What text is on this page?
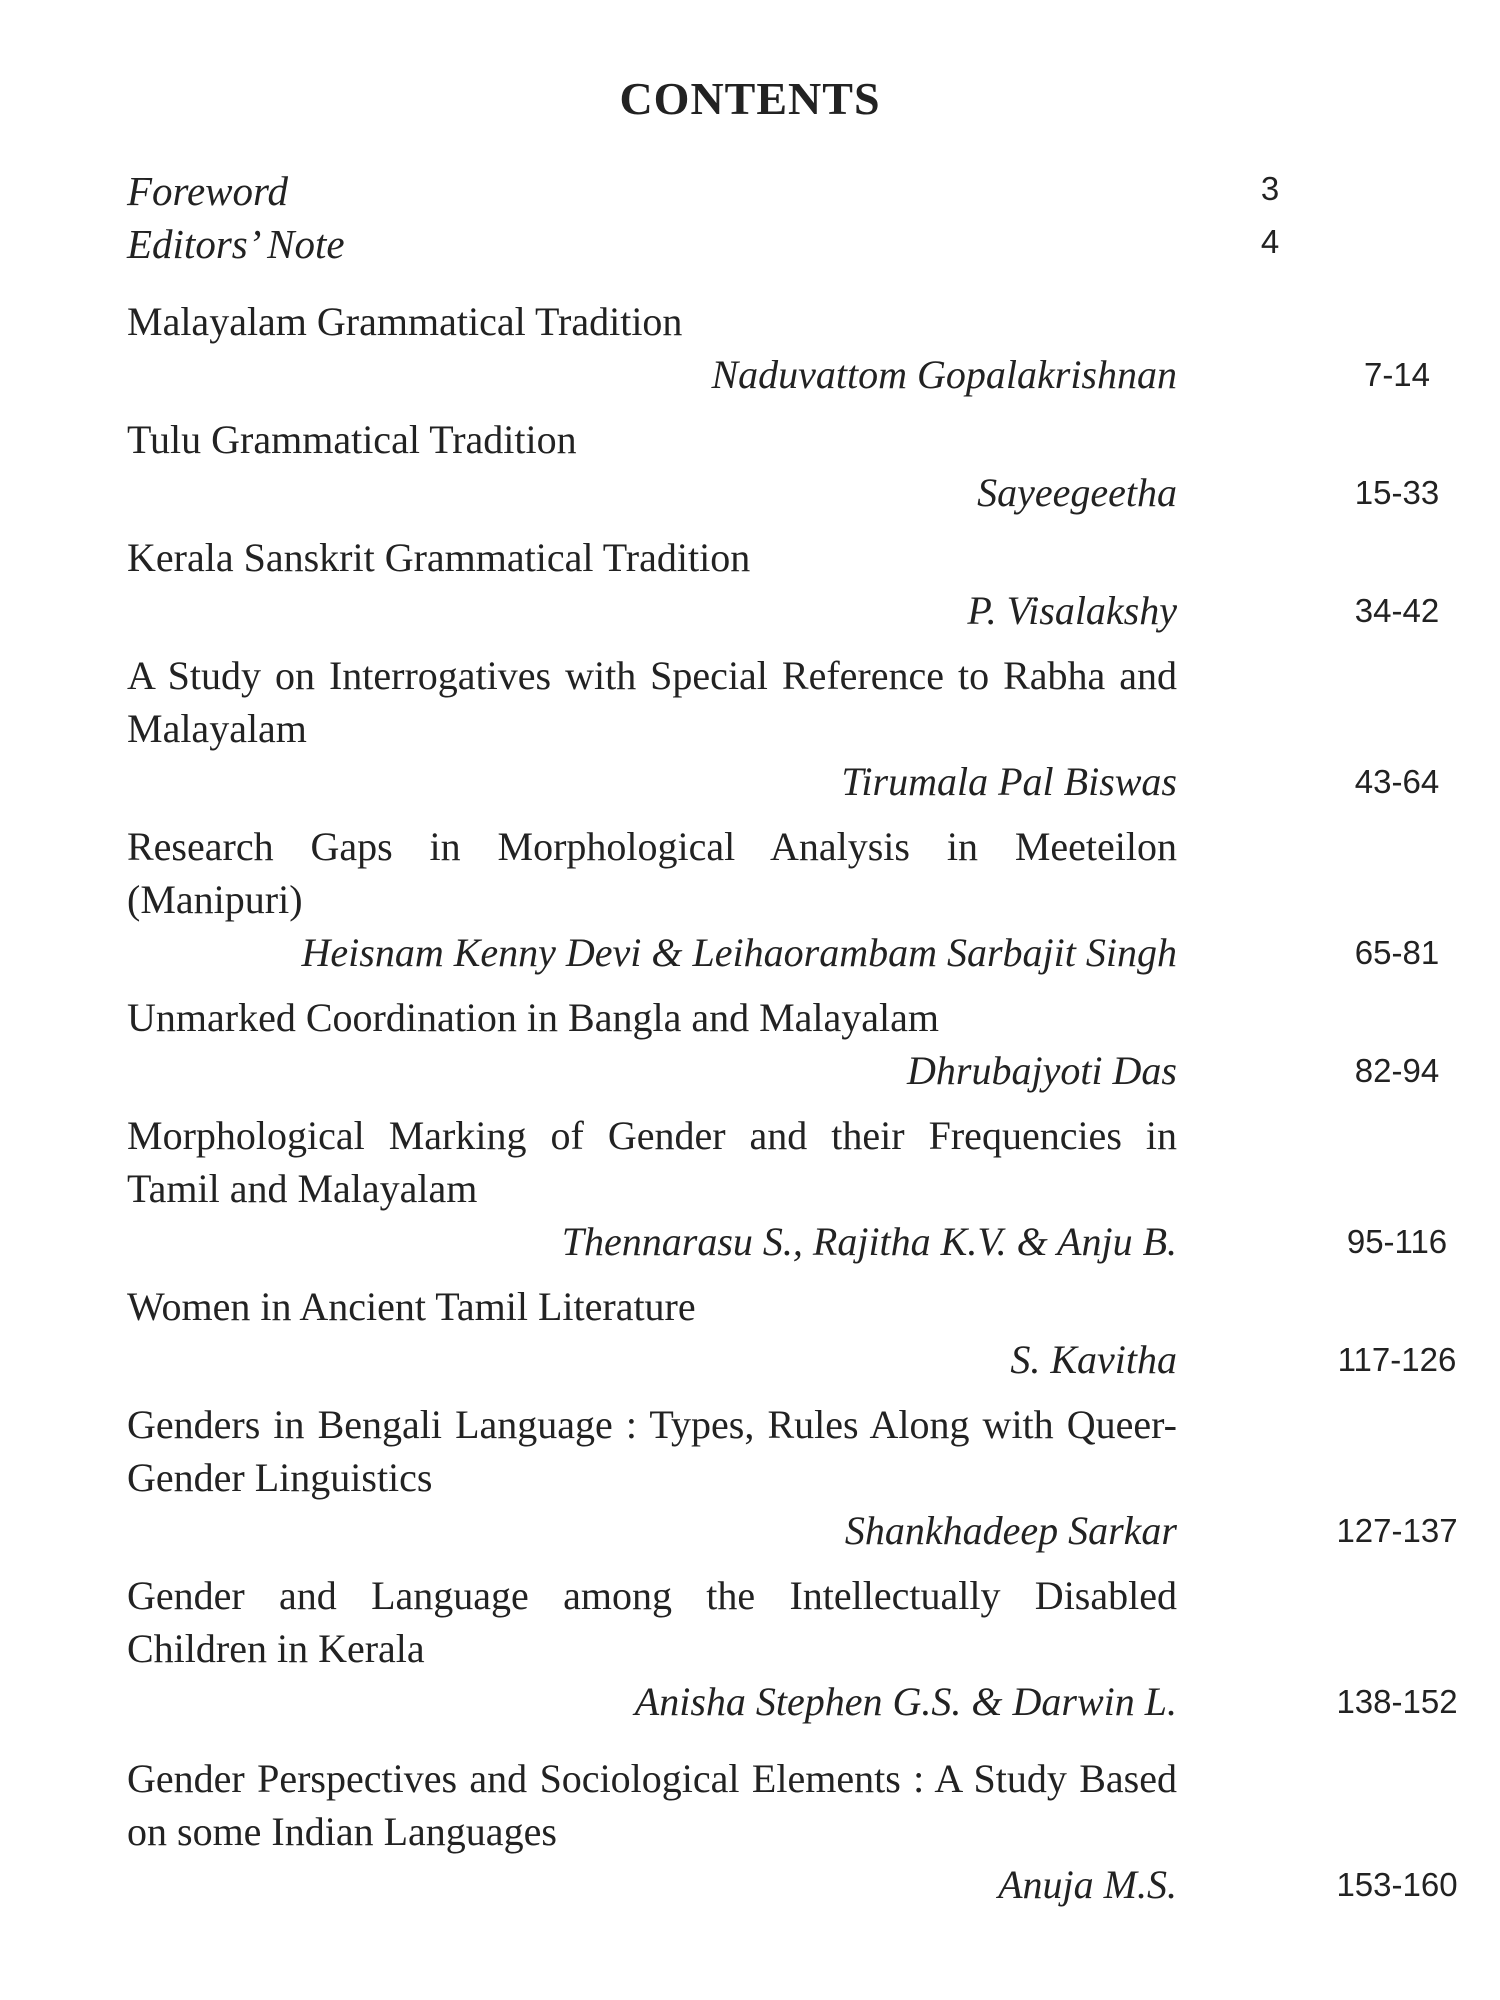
CONTENTS
Foreword	3
Editors’ Note	4
Malayalam Grammatical Tradition
Naduvattom Gopalakrishnan	7-14
Tulu Grammatical Tradition
Sayeegeetha	15-33
Kerala Sanskrit Grammatical Tradition
P. Visalakshy	34-42
A Study on Interrogatives with Special Reference to Rabha and Malayalam
Tirumala Pal Biswas	43-64
Research Gaps in Morphological Analysis in Meeteilon (Manipuri)
Heisnam Kenny Devi & Leihaorambam Sarbajit Singh	65-81
Unmarked Coordination in Bangla and Malayalam
Dhrubajyoti Das	82-94
Morphological Marking of Gender and their Frequencies in Tamil and Malayalam
Thennarasu S., Rajitha K.V. & Anju B.	95-116
Women in Ancient Tamil Literature
S. Kavitha	117-126
Genders in Bengali Language : Types, Rules Along with Queer-Gender Linguistics
Shankhadeep Sarkar	127-137
Gender and Language among the Intellectually Disabled Children in Kerala
Anisha Stephen G.S. & Darwin L.	138-152
Gender Perspectives and Sociological Elements : A Study Based on some Indian Languages
Anuja M.S.	153-160
